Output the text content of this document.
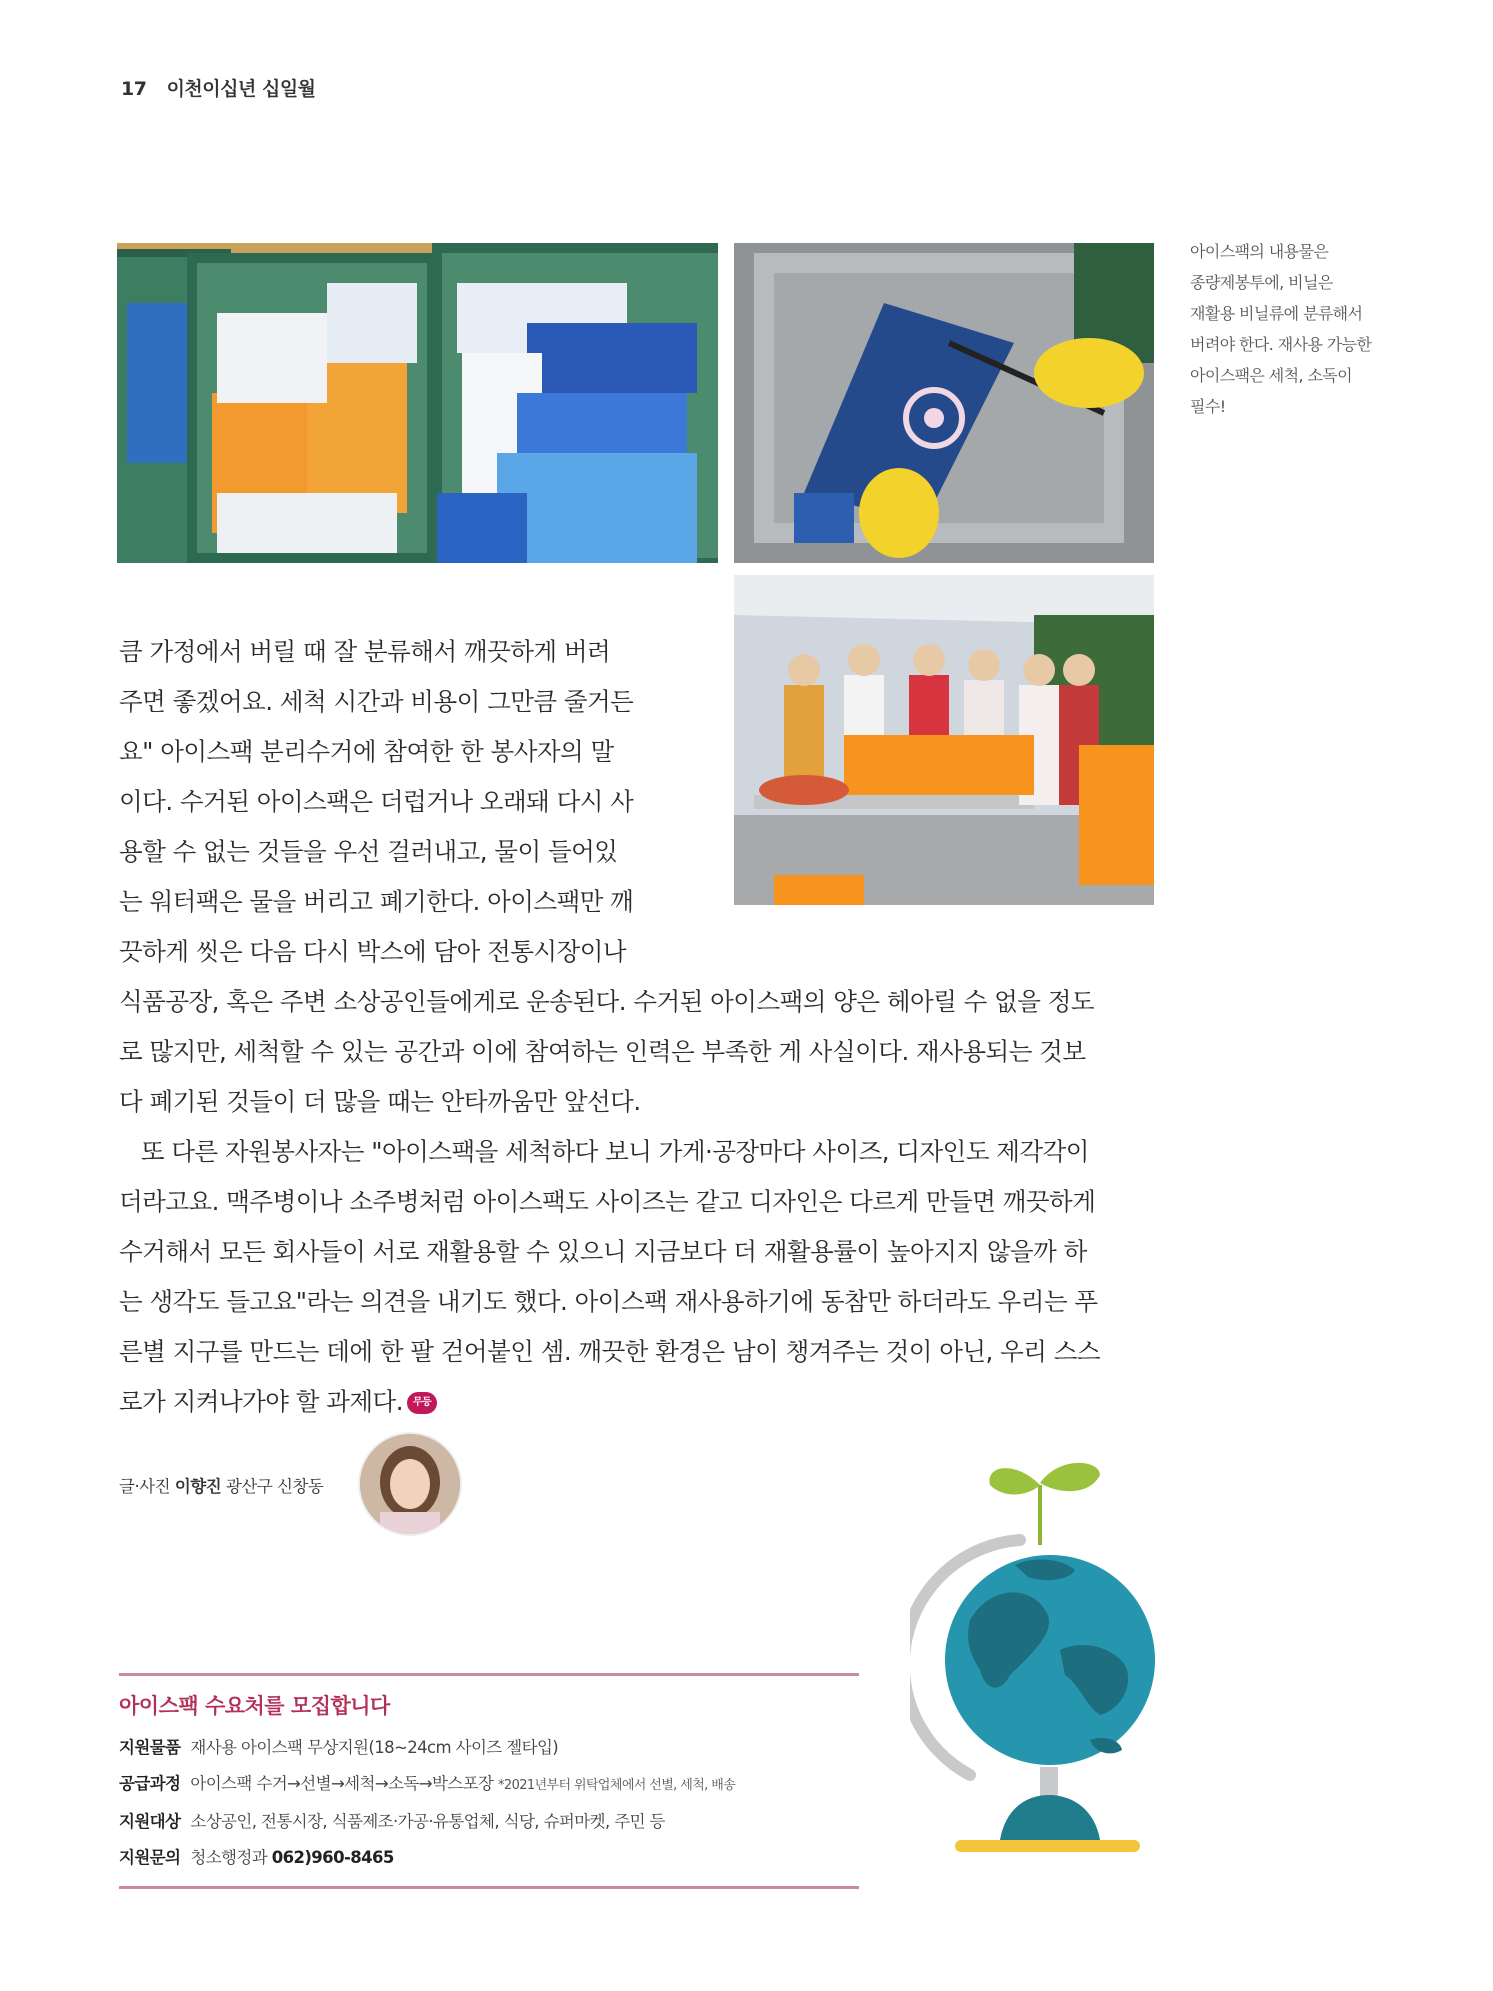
17 이천이십년 십일월
아이스팩의 내용물은 종량제봉투에, 비닐은 재활용 비닐류에 분류해서 버려야 한다. 재사용 가능한 아이스팩은 세척, 소독이 필수!
큼 가정에서 버릴 때 잘 분류해서 깨끗하게 버려
주면 좋겠어요. 세척 시간과 비용이 그만큼 줄거든
요" 아이스팩 분리수거에 참여한 한 봉사자의 말
이다. 수거된 아이스팩은 더럽거나 오래돼 다시 사
용할 수 없는 것들을 우선 걸러내고, 물이 들어있
는 워터팩은 물을 버리고 폐기한다. 아이스팩만 깨
끗하게 씻은 다음 다시 박스에 담아 전통시장이나
식품공장, 혹은 주변 소상공인들에게로 운송된다. 수거된 아이스팩의 양은 헤아릴 수 없을 정도
로 많지만, 세척할 수 있는 공간과 이에 참여하는 인력은 부족한 게 사실이다. 재사용되는 것보
다 폐기된 것들이 더 많을 때는 안타까움만 앞선다.
또 다른 자원봉사자는 "아이스팩을 세척하다 보니 가게·공장마다 사이즈, 디자인도 제각각이
더라고요. 맥주병이나 소주병처럼 아이스팩도 사이즈는 같고 디자인은 다르게 만들면 깨끗하게
수거해서 모든 회사들이 서로 재활용할 수 있으니 지금보다 더 재활용률이 높아지지 않을까 하
는 생각도 들고요"라는 의견을 내기도 했다. 아이스팩 재사용하기에 동참만 하더라도 우리는 푸
른별 지구를 만드는 데에 한 팔 걷어붙인 셈. 깨끗한 환경은 남이 챙겨주는 것이 아닌, 우리 스스
로가 지켜나가야 할 과제다. 무등
글·사진 이향진 광산구 신창동
아이스팩 수요처를 모집합니다
지원물품 재사용 아이스팩 무상지원(18~24cm 사이즈 젤타입)
공급과정 아이스팩 수거→선별→세척→소독→박스포장 *2021년부터 위탁업체에서 선별, 세척, 배송
지원대상 소상공인, 전통시장, 식품제조·가공·유통업체, 식당, 슈퍼마켓, 주민 등
지원문의 청소행정과 062)960-8465
